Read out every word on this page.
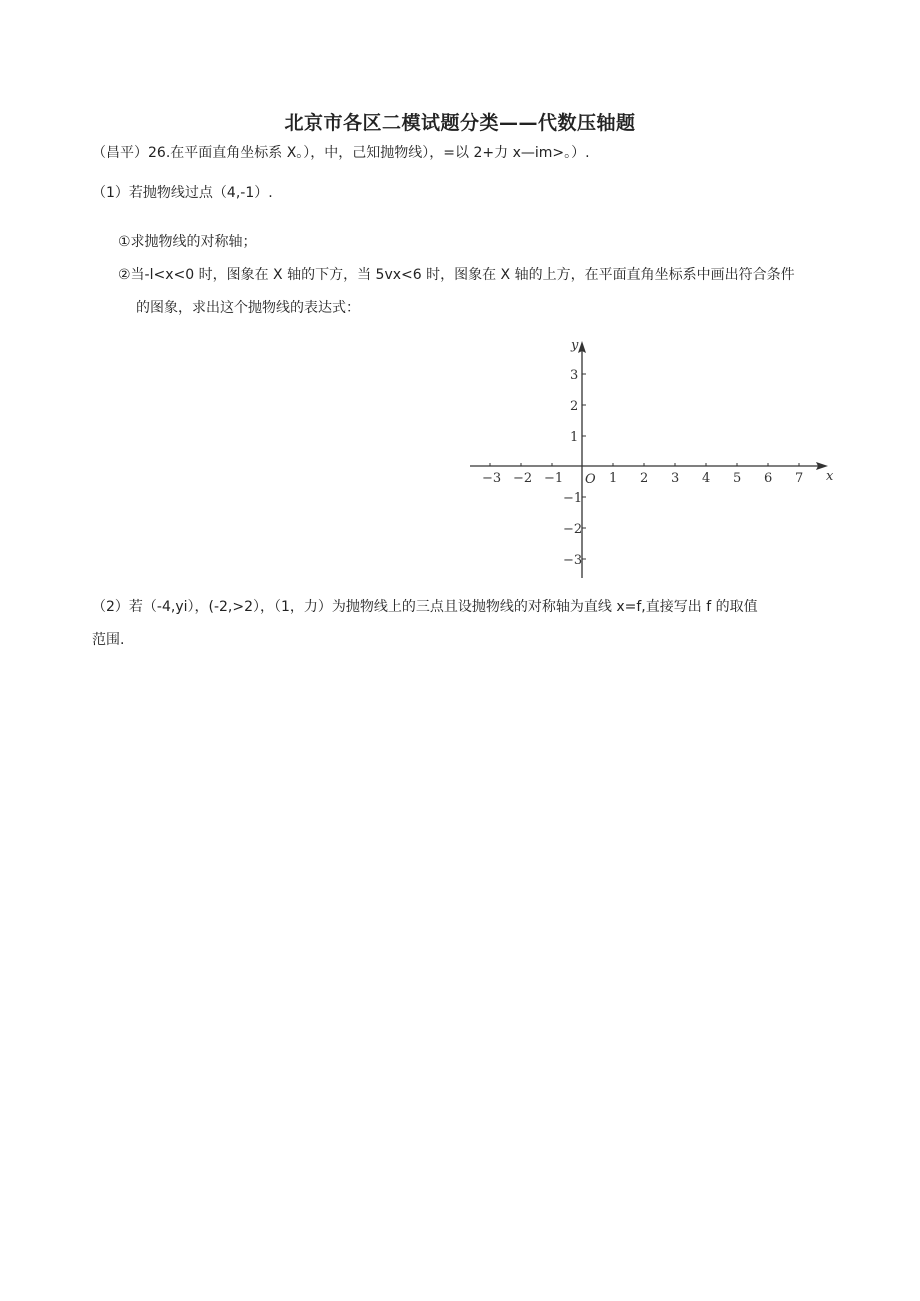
北京市各区二模试题分类——代数压轴题
（昌平）26.在平面直角坐标系 X。），中，己知抛物线），=以 2+力 x—im>。）.
（1）若抛物线过点（4,-1）.
①求抛物线的对称轴；
②当-l<x<0 时，图象在 X 轴的下方，当 5vx<6 时，图象在 X 轴的上方，在平面直角坐标系中画出符合条件
的图象，求出这个抛物线的表达式：
x
y
O
−3 −2 −1	1 2 3 4 5 6 7
3
2
1
−1
−2
−3
（2）若（-4,yi），(-2,>2），（1，力）为抛物线上的三点且设抛物线的对称轴为直线 x=f,直接写出 f 的取值
范围.
